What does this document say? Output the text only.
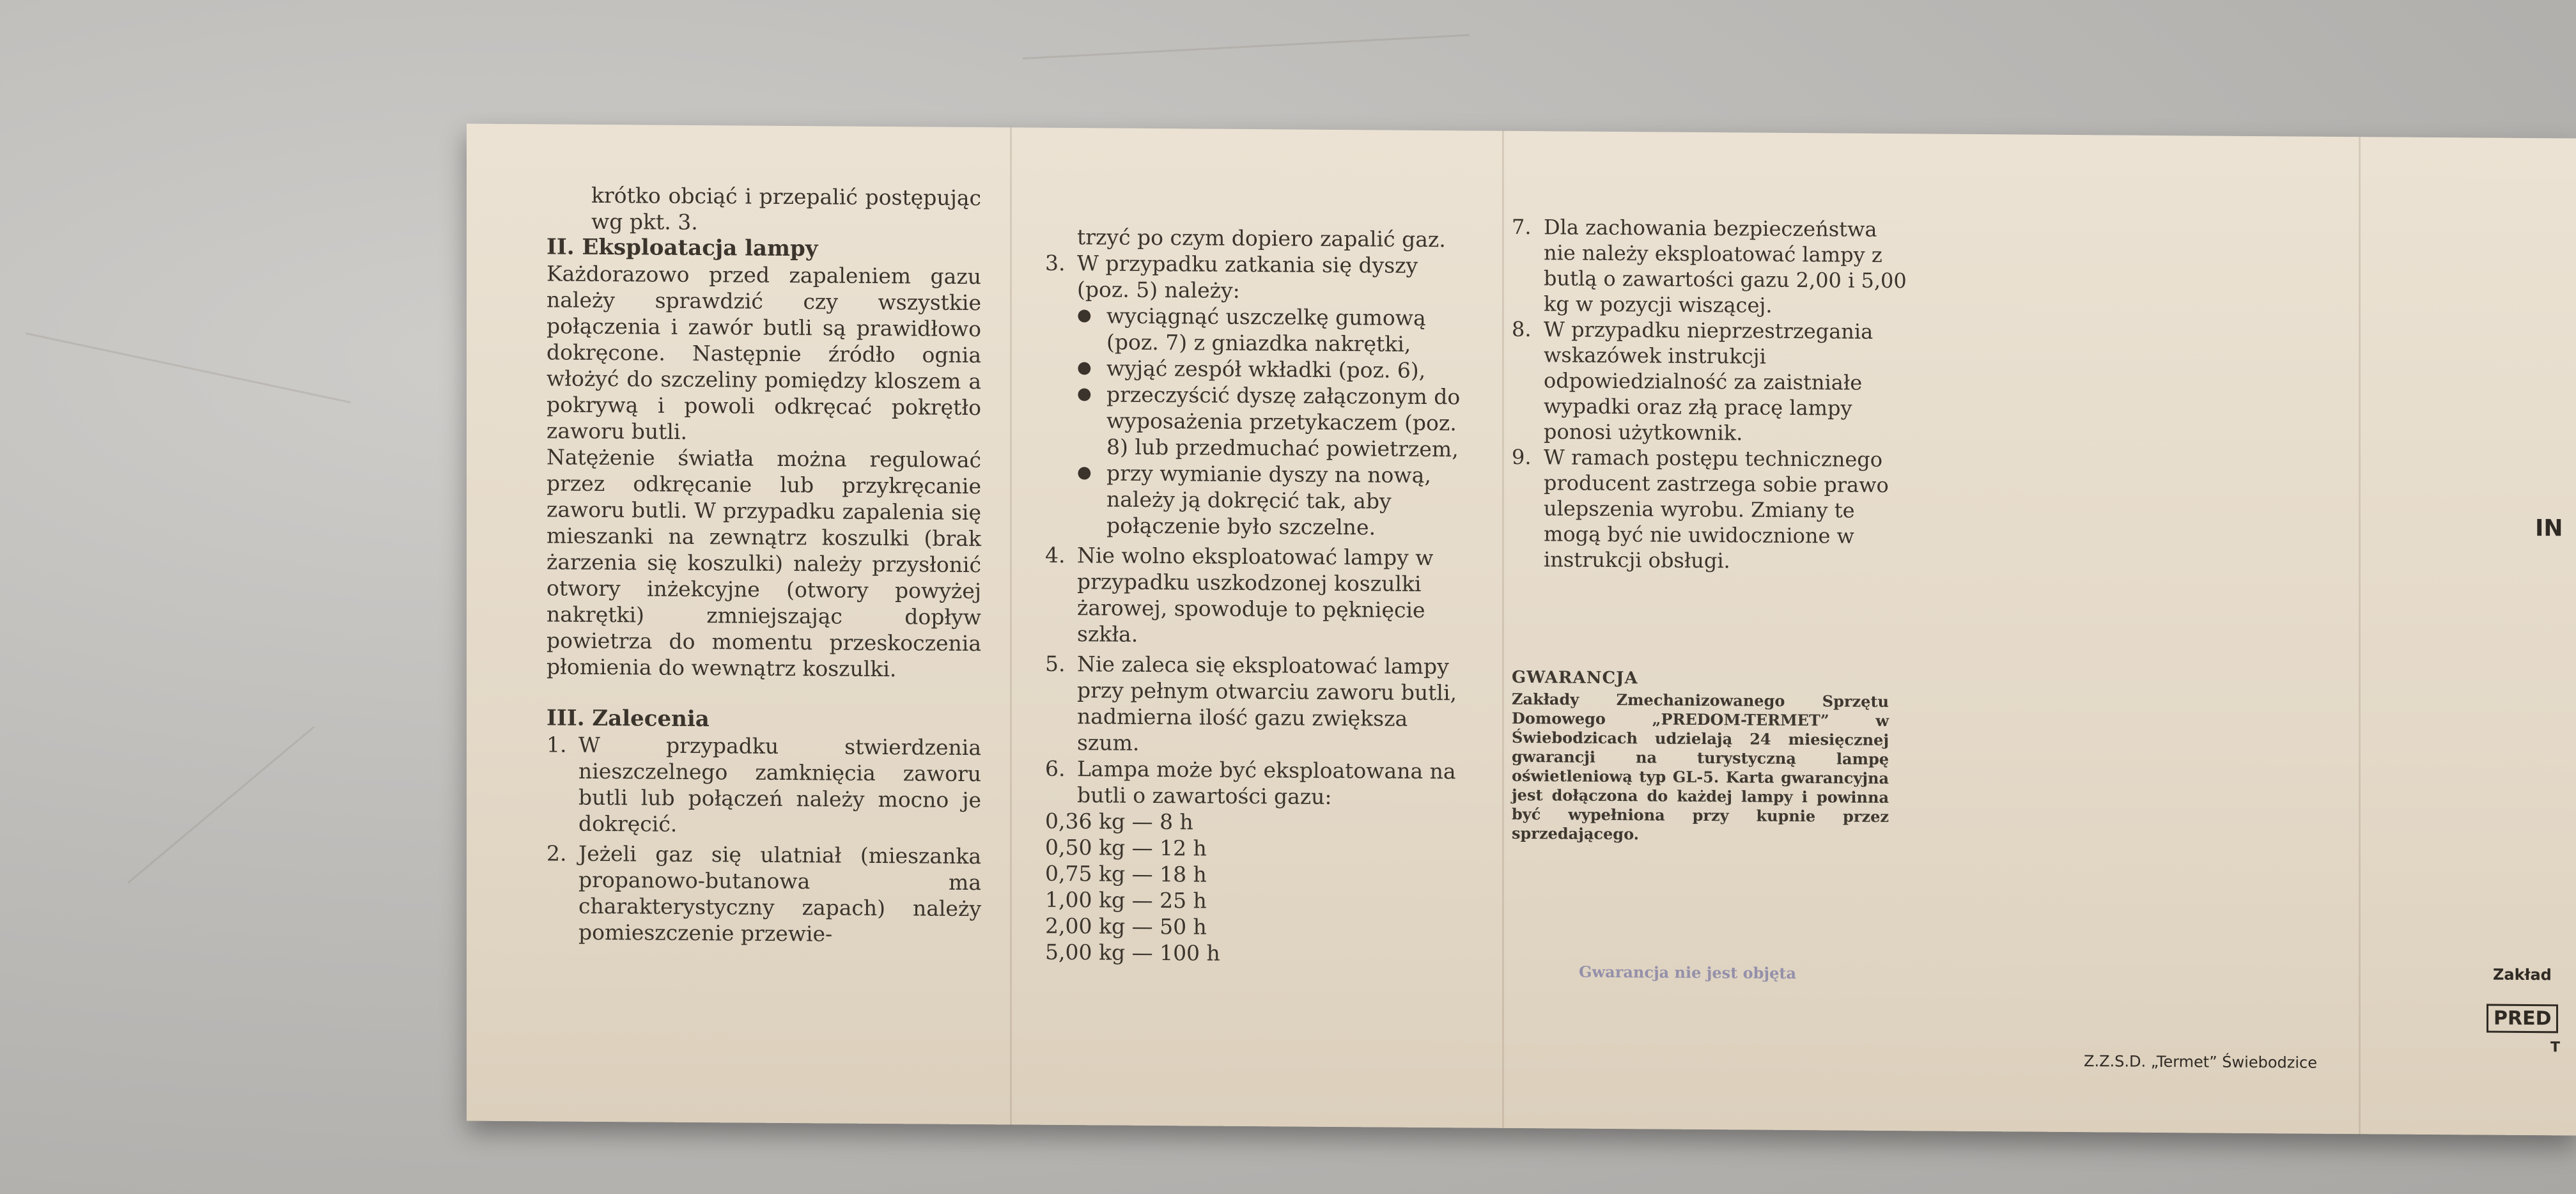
krótko obciąć i przepalić postępując wg pkt. 3.

II. Eksploatacja lampy

Każdorazowo przed zapaleniem gazu należy sprawdzić czy wszystkie połączenia i zawór butli są prawidłowo dokręcone. Następnie źródło ognia włożyć do szczeliny pomiędzy kloszem a pokrywą i powoli odkręcać pokrętło zaworu butli.

Natężenie światła można regulować przez odkręcanie lub przykręcanie zaworu butli. W przypadku zapalenia się mieszanki na zewnątrz koszulki (brak żarzenia się koszulki) należy przysłonić otwory inżekcyjne (otwory powyżej nakrętki) zmniejszając dopływ powietrza do momentu przeskoczenia płomienia do wewnątrz koszulki.

III. Zalecenia

1. W przypadku stwierdzenia nieszczelnego zamknięcia zaworu butli lub połączeń należy mocno je dokręcić.
2. Jeżeli gaz się ulatniał (mieszanka propanowo-butanowa ma charakterystyczny zapach) należy pomieszczenie przewie-

trzyć po czym dopiero zapalić gaz.

3. W przypadku zatkania się dyszy (poz. 5) należy:
● wyciągnąć uszczelkę gumową (poz. 7) z gniazdka nakrętki,
● wyjąć zespół wkładki (poz. 6),
● przeczyścić dyszę załączonym do wyposażenia przetykaczem (poz. 8) lub przedmuchać powietrzem,
● przy wymianie dyszy na nową, należy ją dokręcić tak, aby połączenie było szczelne.
4. Nie wolno eksploatować lampy w przypadku uszkodzonej koszulki żarowej, spowoduje to pęknięcie szkła.
5. Nie zaleca się eksploatować lampy przy pełnym otwarciu zaworu butli, nadmierna ilość gazu zwiększa szum.
6. Lampa może być eksploatowana na butli o zawartości gazu:

0,36 kg — 8 h

0,50 kg — 12 h

0,75 kg — 18 h

1,00 kg — 25 h

2,00 kg — 50 h

5,00 kg — 100 h

7. Dla zachowania bezpieczeństwa nie należy eksploatować lampy z butlą o zawartości gazu 2,00 i 5,00 kg w pozycji wiszącej.
8. W przypadku nieprzestrzegania wskazówek instrukcji odpowiedzialność za zaistniałe wypadki oraz złą pracę lampy ponosi użytkownik.
9. W ramach postępu technicznego producent zastrzega sobie prawo ulepszenia wyrobu. Zmiany te mogą być nie uwidocznione w instrukcji obsługi.
GWARANCJA
Zakłady Zmechanizowanego Sprzętu Domowego „PREDOM-TERMET” w Świebodzicach udzielają 24 miesięcznej gwarancji na turystyczną lampę oświetleniową typ GL-5. Karta gwarancyjna jest dołączona do każdej lampy i powinna być wypełniona przy kupnie przez sprzedającego.
Gwarancja nie jest objęta
Z.Z.S.D. „Termet” Świebodzice
IN
Zakład
PRED
T
